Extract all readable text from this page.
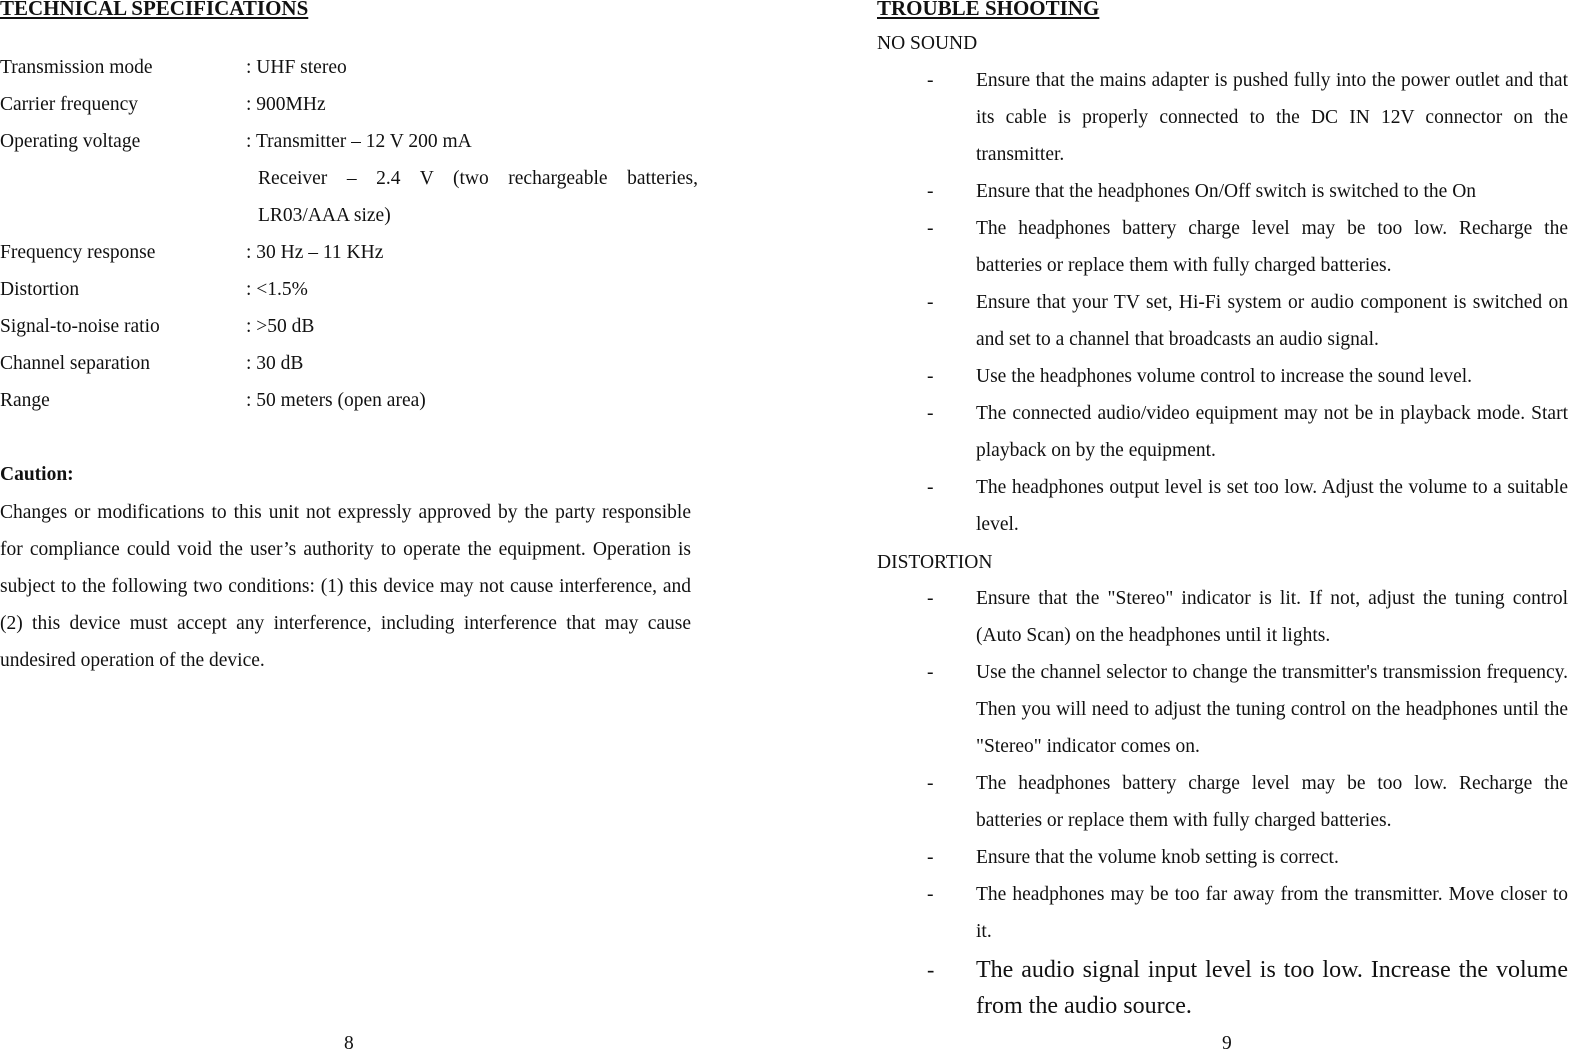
TECHNICAL SPECIFICATIONS
Transmission mode	: UHF stereo
Carrier frequency	: 900MHz
Operating voltage	: Transmitter – 12 V 200 mA
Receiver – 2.4 V (two rechargeable batteries, LR03/AAA size)
Frequency response	: 30 Hz – 11 KHz
Distortion	: <1.5%
Signal-to-noise ratio	: >50 dB
Channel separation	: 30 dB
Range	: 50 meters (open area)
Caution:
Changes or modifications to this unit not expressly approved by the party responsible for compliance could void the user’s authority to operate the equipment. Operation is subject to the following two conditions: (1) this device may not cause interference, and (2) this device must accept any interference, including interference that may cause undesired operation of the device.
8
TROUBLE SHOOTING
NO SOUND
- Ensure that the mains adapter is pushed fully into the power outlet and that its cable is properly connected to the DC IN 12V connector on the transmitter.
- Ensure that the headphones On/Off switch is switched to the On
- The headphones battery charge level may be too low. Recharge the batteries or replace them with fully charged batteries.
- Ensure that your TV set, Hi-Fi system or audio component is switched on and set to a channel that broadcasts an audio signal.
- Use the headphones volume control to increase the sound level.
- The connected audio/video equipment may not be in playback mode. Start playback on by the equipment.
- The headphones output level is set too low. Adjust the volume to a suitable level.
DISTORTION
- Ensure that the "Stereo" indicator is lit. If not, adjust the tuning control (Auto Scan) on the headphones until it lights.
- Use the channel selector to change the transmitter's transmission frequency. Then you will need to adjust the tuning control on the headphones until the "Stereo" indicator comes on.
- The headphones battery charge level may be too low. Recharge the batteries or replace them with fully charged batteries.
- Ensure that the volume knob setting is correct.
- The headphones may be too far away from the transmitter. Move closer to it.
- The audio signal input level is too low. Increase the volume from the audio source.
9
